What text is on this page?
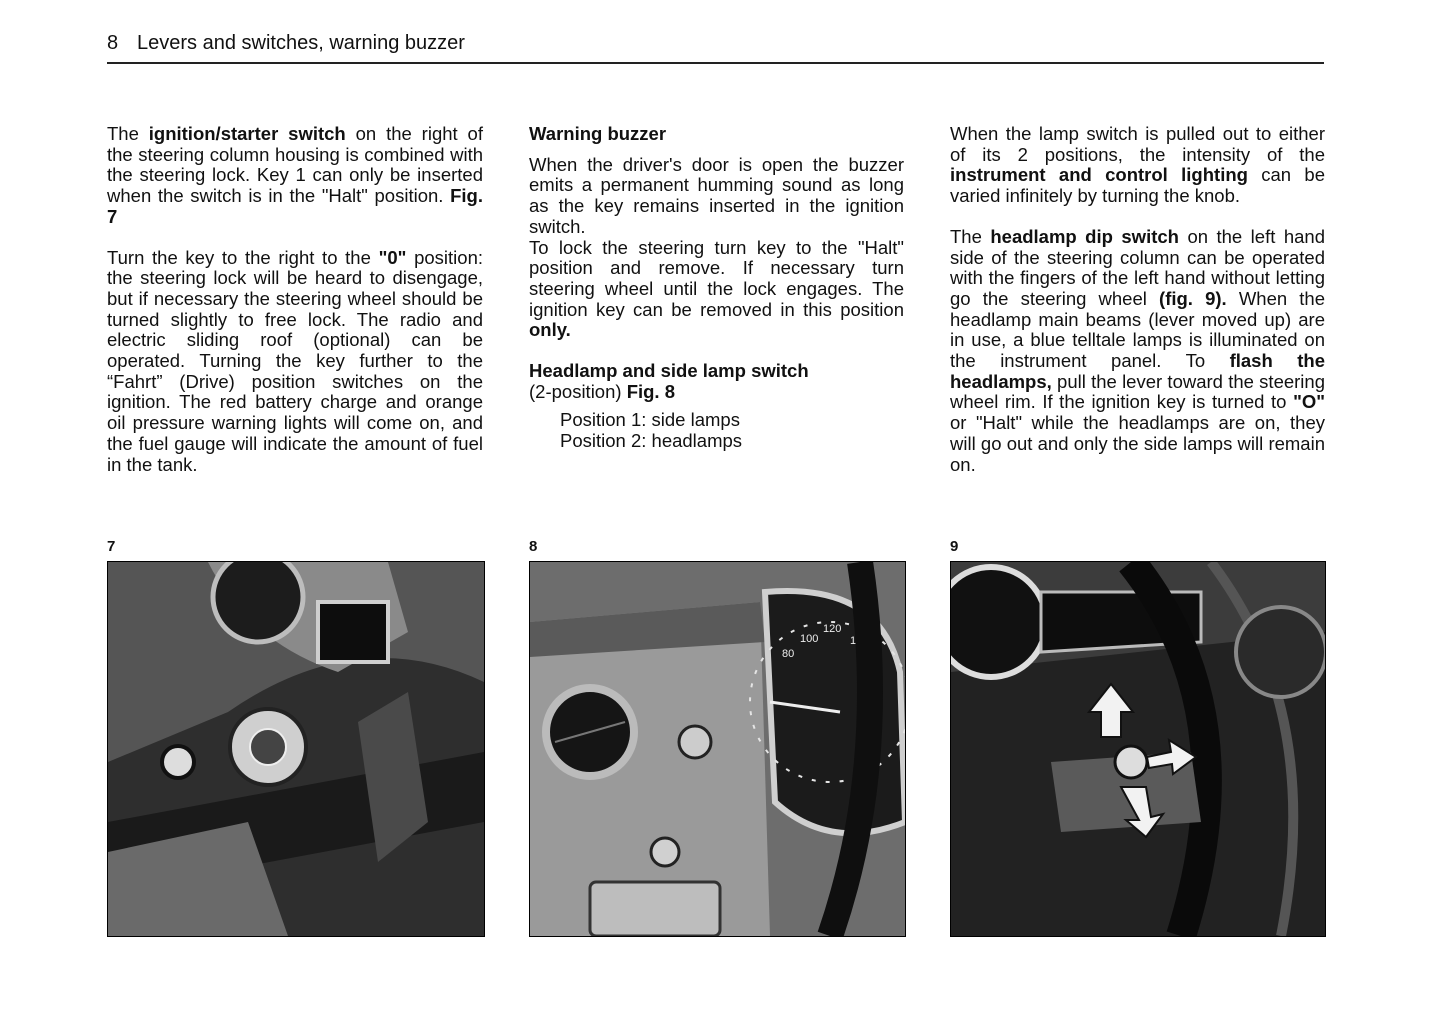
8 Levers and switches, warning buzzer

The ignition/starter switch on the right of the steering column housing is combined with the steering lock. Key 1 can only be inserted when the switch is in the "Halt" position. Fig. 7

Turn the key to the right to the "0" position: the steering lock will be heard to disengage, but if necessary the steering wheel should be turned slightly to free lock. The radio and electric sliding roof (optional) can be operated. Turning the key further to the “Fahrt” (Drive) position switches on the ignition. The red battery charge and orange oil pressure warning lights will come on, and the fuel gauge will indicate the amount of fuel in the tank.

Warning buzzer

When the driver's door is open the buzzer emits a permanent humming sound as long as the key remains inserted in the ignition switch.

To lock the steering turn key to the "Halt" position and remove. If necessary turn steering wheel until the lock engages. The ignition key can be removed in this position only.

Headlamp and side lamp switch

(2-position) Fig. 8

Position 1: side lamps
Position 2: headlamps

When the lamp switch is pulled out to either of its 2 positions, the intensity of the instrument and control lighting can be varied infinitely by turning the knob.

The headlamp dip switch on the left hand side of the steering column can be operated with the fingers of the left hand without letting go the steering wheel (fig. 9). When the headlamp main beams (lever moved up) are in use, a blue telltale lamps is illuminated on the instrument panel. To flash the headlamps, pull the lever toward the steering wheel rim. If the ignition key is turned to "O" or "Halt" while the headlamps are on, they will go out and only the side lamps will remain on.

7	8	9
100
120
140
80
